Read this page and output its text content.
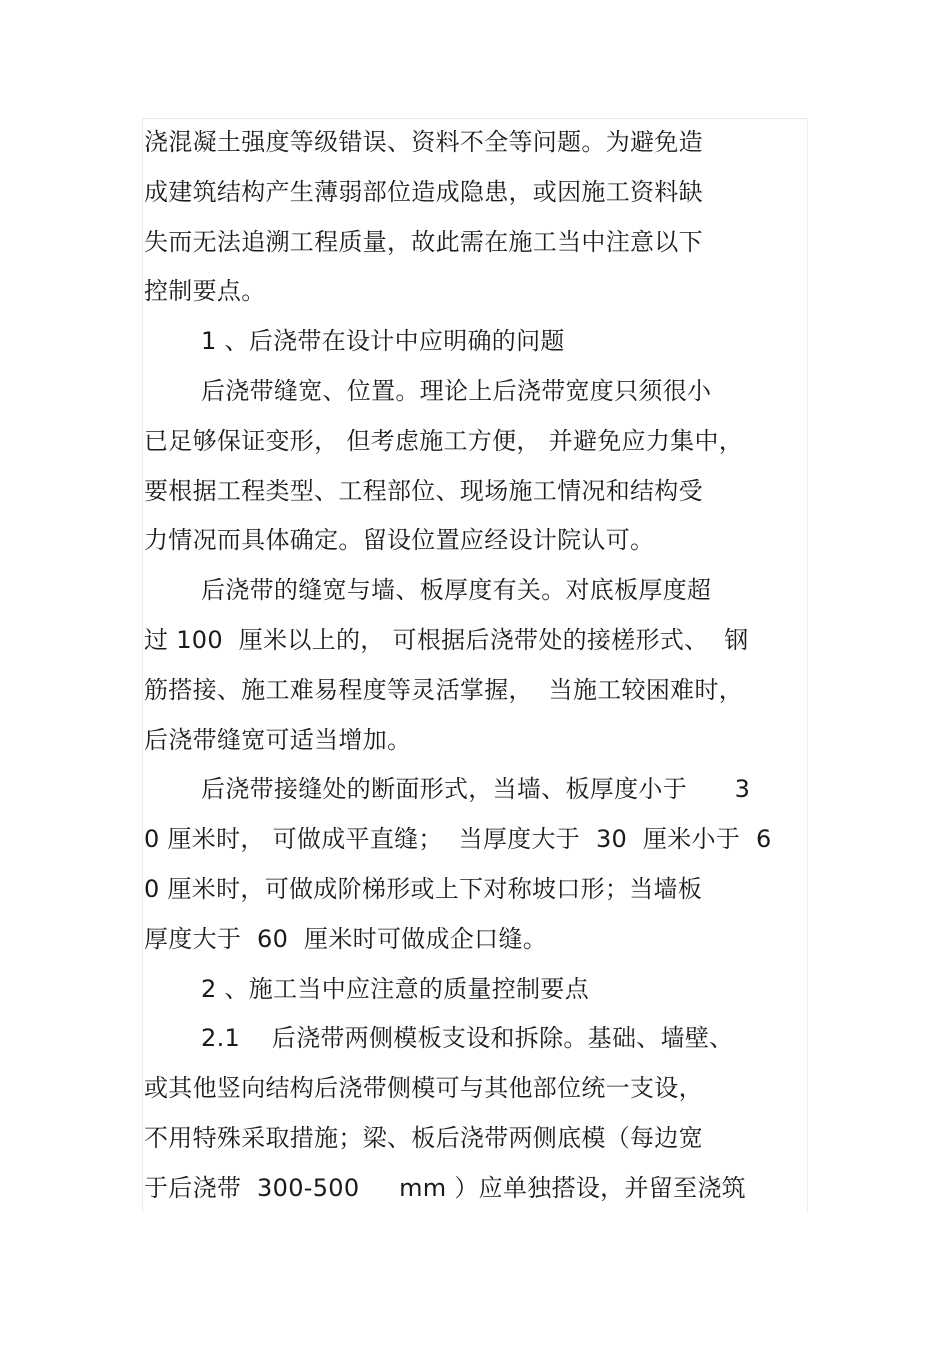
浇混凝土强度等级错误、资料不全等问题。为避免造
成建筑结构产生薄弱部位造成隐患，或因施工资料缺
失而无法追溯工程质量，故此需在施工当中注意以下
控制要点。
1 、后浇带在设计中应明确的问题
后浇带缝宽、位置。理论上后浇带宽度只须很小
已足够保证变形， 但考虑施工方便， 并避免应力集中，
要根据工程类型、工程部位、现场施工情况和结构受
力情况而具体确定。留设位置应经设计院认可。
后浇带的缝宽与墙、板厚度有关。对底板厚度超
过 100  厘米以上的， 可根据后浇带处的接槎形式、  钢
筋搭接、施工难易程度等灵活掌握，  当施工较困难时，
后浇带缝宽可适当增加。
后浇带接缝处的断面形式，当墙、板厚度小于      3
0 厘米时， 可做成平直缝；  当厚度大于  30  厘米小于  6
0 厘米时，可做成阶梯形或上下对称坡口形；当墙板
厚度大于  60  厘米时可做成企口缝。
2 、施工当中应注意的质量控制要点
2.1    后浇带两侧模板支设和拆除。基础、墙壁、
或其他竖向结构后浇带侧模可与其他部位统一支设，
不用特殊采取措施；梁、板后浇带两侧底模（每边宽
于后浇带  300-500     mm ）应单独搭设，并留至浇筑
